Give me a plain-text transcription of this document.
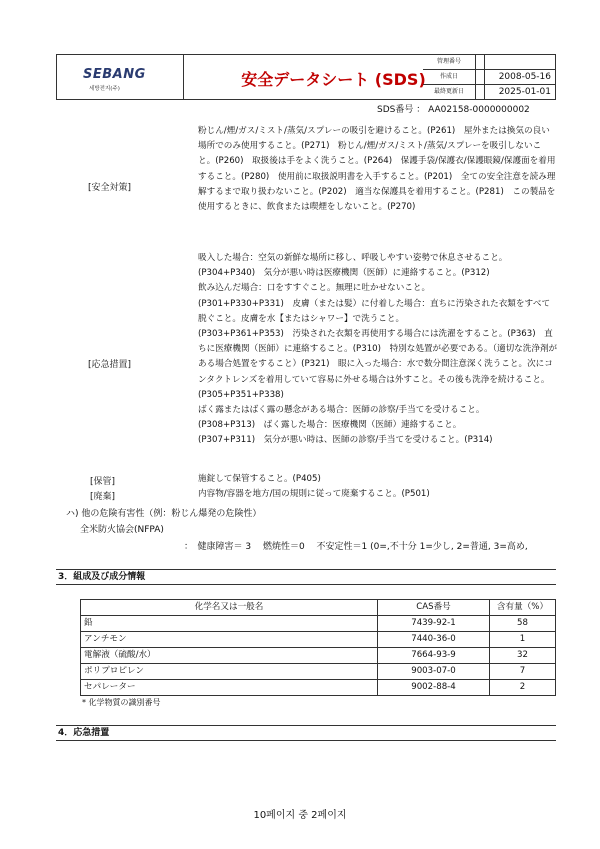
SEBANG
세방전지(주)	安全データシート (SDS)
管理番号
作成日	2008-05-16
最終更新日	2025-01-01
SDS番号 ： AA02158-0000000002
[安全対策]
粉じん/煙/ガス/ミスト/蒸気/スプレーの吸引を避けること。(P261)　屋外または換気の良い場所でのみ使用すること。(P271)　粉じん/煙/ガス/ミスト/蒸気/スプレーを吸引しないこと。(P260)　取扱後は手をよく洗うこと。(P264)　保護手袋/保護衣/保護眼鏡/保護面を着用すること。(P280)　使用前に取扱説明書を入手すること。(P201)　全ての安全注意を読み理解するまで取り扱わないこと。(P202)　適当な保護具を着用すること。(P281)　この製品を使用するときに、飲食または喫煙をしないこと。(P270)
[応急措置]
吸入した場合：空気の新鮮な場所に移し、呼吸しやすい姿勢で休息させること。(P304+P340)　気分が悪い時は医療機関（医師）に連絡すること。(P312)
飲み込んだ場合：口をすすぐこと。無理に吐かせないこと。
(P301+P330+P331)　皮膚（または髪）に付着した場合：直ちに汚染された衣類をすべて脱ぐこと。皮膚を水【またはシャワー】で洗うこと。
(P303+P361+P353)　汚染された衣類を再使用する場合には洗濯をすること。(P363)　直ちに医療機関（医師）に連絡すること。(P310)　特別な処置が必要である。（適切な洗浄剤がある場合処置をすること）(P321)　眼に入った場合：水で数分間注意深く洗うこと。次にコンタクトレンズを着用していて容易に外せる場合は外すこと。その後も洗浄を続けること。(P305+P351+P338)
ばく露またはばく露の懸念がある場合：医師の診察/手当てを受けること。
(P308+P313)　ばく露した場合：医療機関（医師）連絡すること。
(P307+P311)　気分が悪い時は、医師の診察/手当てを受けること。(P314)
[保管]	施錠して保管すること。(P405)
[廃棄]	内容物/容器を地方/国の規則に従って廃棄すること。(P501)
ハ) 他の危険有害性（例：粉じん爆発の危険性）
全米防火協会(NFPA)
：　健康障害＝ 3　 燃焼性＝0　 不安定性＝1 (0=,不十分 1=少し, 2=普通, 3=高め,
3．組成及び成分情報
化学名又は一般名	CAS番号	含有量（%）
鉛	7439-92-1	58
アンチモン	7440-36-0	1
電解液（硫酸/水）	7664-93-9	32
ポリプロピレン	9003-07-0	7
セパレーター	9002-88-4	2
* 化学物質の識別番号
4．応急措置
10페이지 중 2페이지
